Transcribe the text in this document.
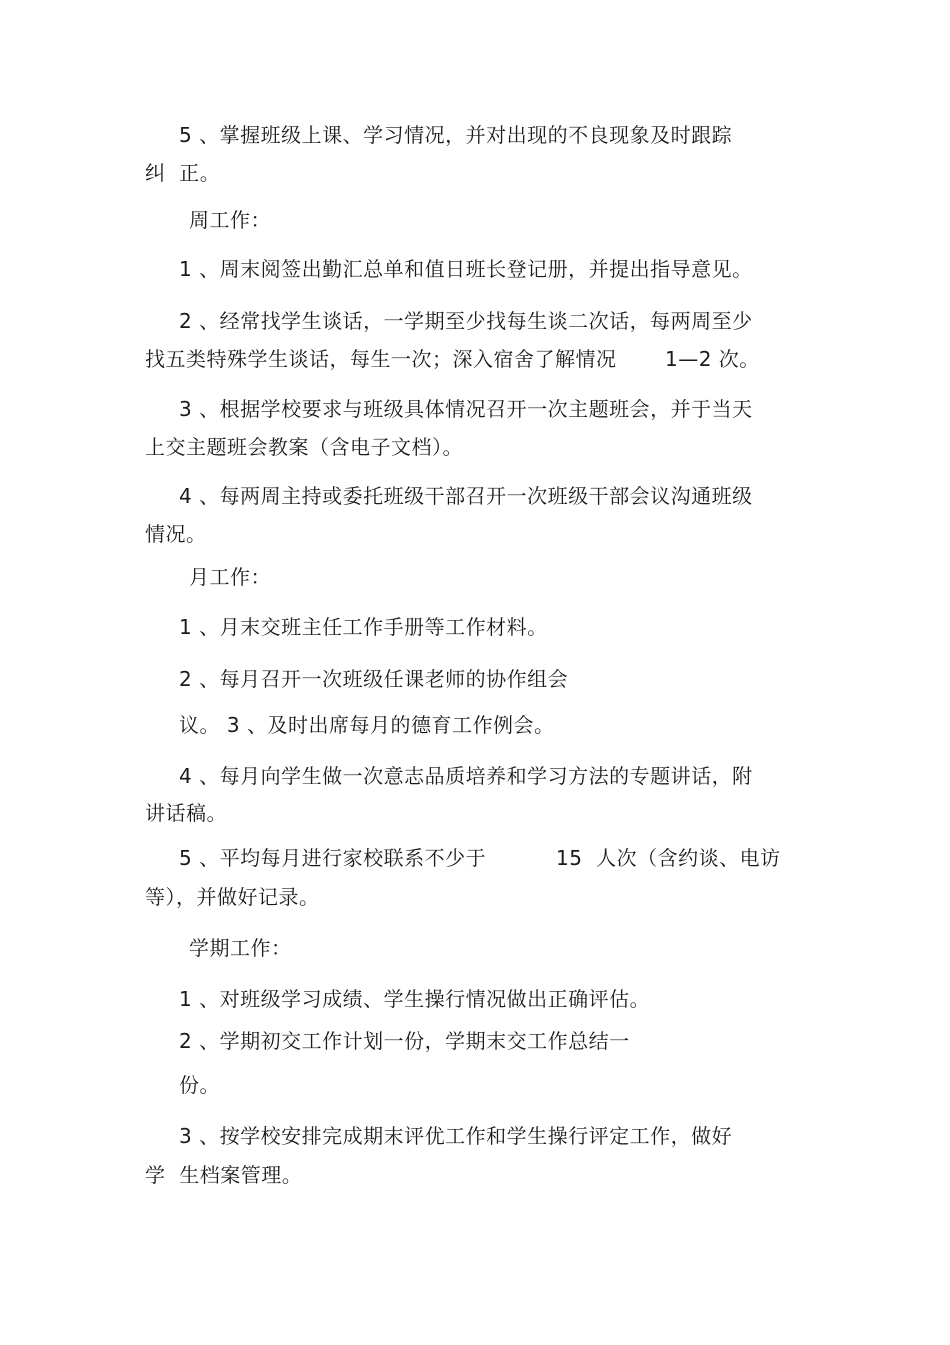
5 、掌握班级上课、学习情况，并对出现的不良现象及时跟踪
纠  正。
周工作：
1 、周末阅签出勤汇总单和值日班长登记册，并提出指导意见。
2 、经常找学生谈话，一学期至少找每生谈二次话，每两周至少
找五类特殊学生谈话，每生一次；深入宿舍了解情况 1—2 次。
3 、根据学校要求与班级具体情况召开一次主题班会，并于当天
上交主题班会教案（含电子文档）。
4 、每两周主持或委托班级干部召开一次班级干部会议沟通班级
情况。
月工作：
1 、月末交班主任工作手册等工作材料。
2 、每月召开一次班级任课老师的协作组会
议。 3 、及时出席每月的德育工作例会。
4 、每月向学生做一次意志品质培养和学习方法的专题讲话，附
讲话稿。
5 、平均每月进行家校联系不少于	15  人次（含约谈、电访
等），并做好记录。
学期工作：
1 、对班级学习成绩、学生操行情况做出正确评估。
2 、学期初交工作计划一份，学期末交工作总结一
份。
3 、按学校安排完成期末评优工作和学生操行评定工作，做好
学  生档案管理。
